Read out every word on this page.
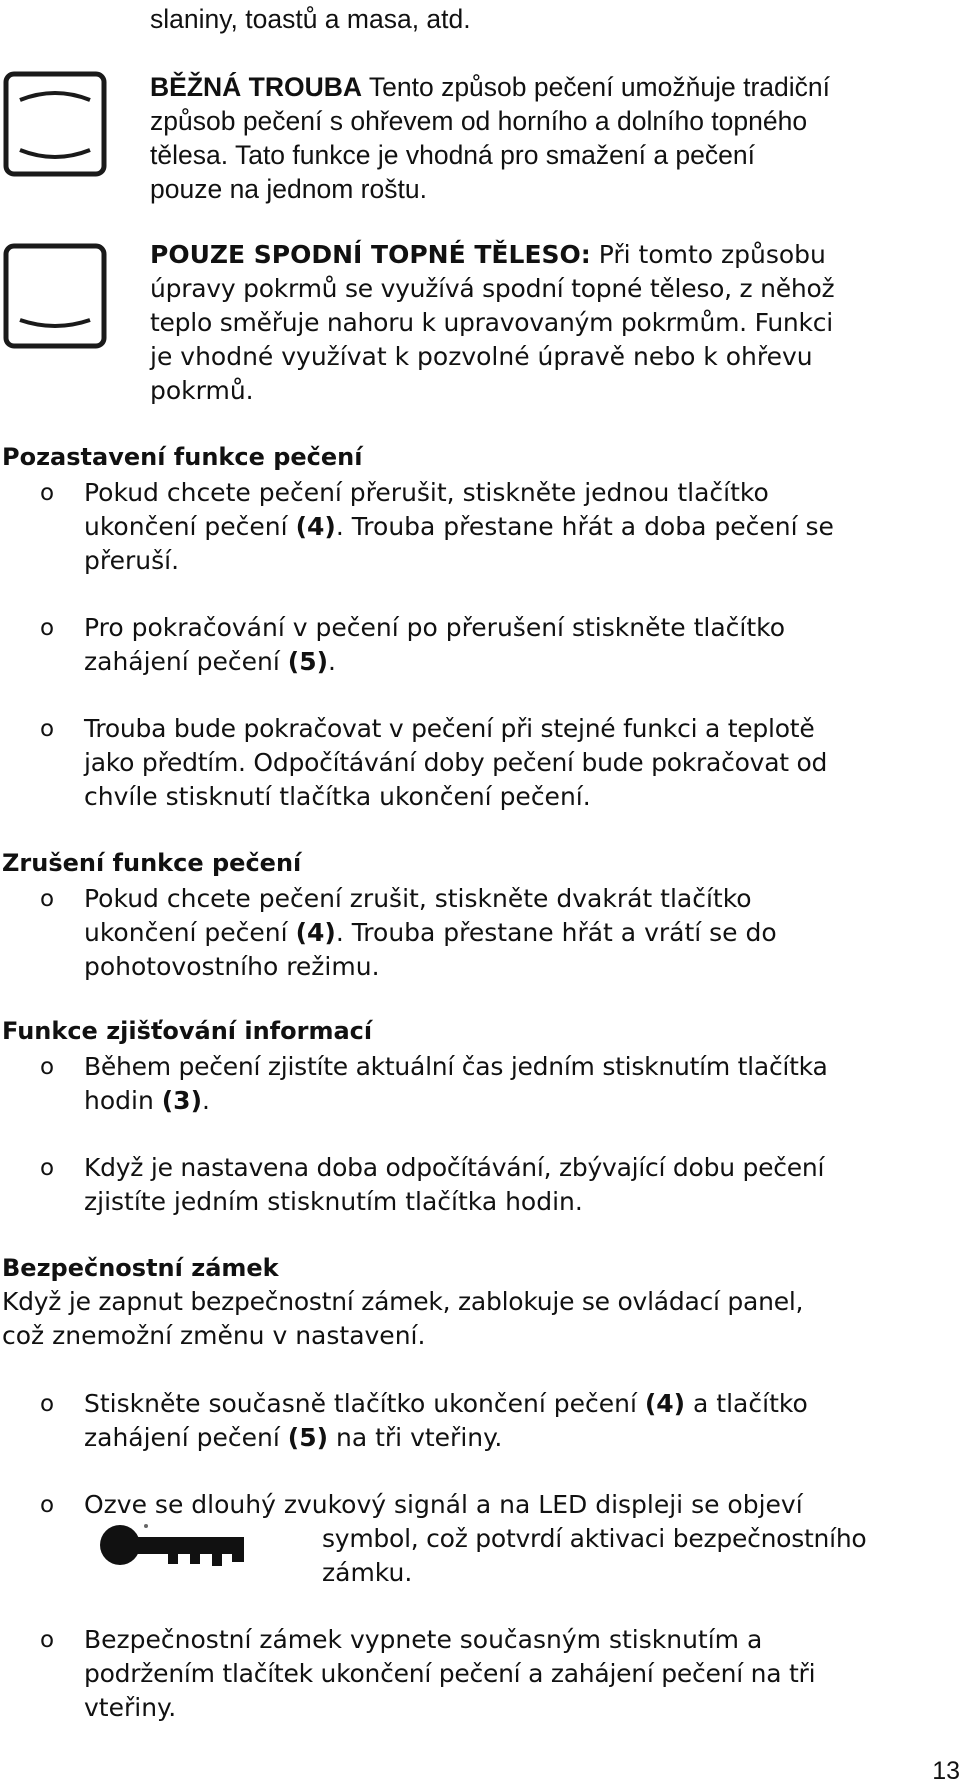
slaniny, toastů a masa, atd.

BĚŽNÁ TROUBA Tento způsob pečení umožňuje tradiční

způsob pečení s ohřevem od horního a dolního topného

tělesa. Tato funkce je vhodná pro smažení a pečení

pouze na jednom roštu.

POUZE SPODNÍ TOPNÉ TĚLESO: Při tomto způsobu

úpravy pokrmů se využívá spodní topné těleso, z něhož

teplo směřuje nahoru k upravovaným pokrmům. Funkci

je vhodné využívat k pozvolné úpravě nebo k ohřevu

pokrmů.

Pozastavení funkce pečení

o Pokud chcete pečení přerušit, stiskněte jednou tlačítko

ukončení pečení (4). Trouba přestane hřát a doba pečení se

přeruší.

o Pro pokračování v pečení po přerušení stiskněte tlačítko

zahájení pečení (5).

o Trouba bude pokračovat v pečení při stejné funkci a teplotě

jako předtím. Odpočítávání doby pečení bude pokračovat od

chvíle stisknutí tlačítka ukončení pečení.

Zrušení funkce pečení

o Pokud chcete pečení zrušit, stiskněte dvakrát tlačítko

ukončení pečení (4). Trouba přestane hřát a vrátí se do

pohotovostního režimu.

Funkce zjišťování informací

o Během pečení zjistíte aktuální čas jedním stisknutím tlačítka

hodin (3).

o Když je nastavena doba odpočítávání, zbývající dobu pečení

zjistíte jedním stisknutím tlačítka hodin.

Bezpečnostní zámek

Když je zapnut bezpečnostní zámek, zablokuje se ovládací panel,

což znemožní změnu v nastavení.

o Stiskněte současně tlačítko ukončení pečení (4) a tlačítko

zahájení pečení (5) na tři vteřiny.

o Ozve se dlouhý zvukový signál a na LED displeji se objeví

symbol, což potvrdí aktivaci bezpečnostního

zámku.

o Bezpečnostní zámek vypnete současným stisknutím a

podržením tlačítek ukončení pečení a zahájení pečení na tři

vteřiny.

13
